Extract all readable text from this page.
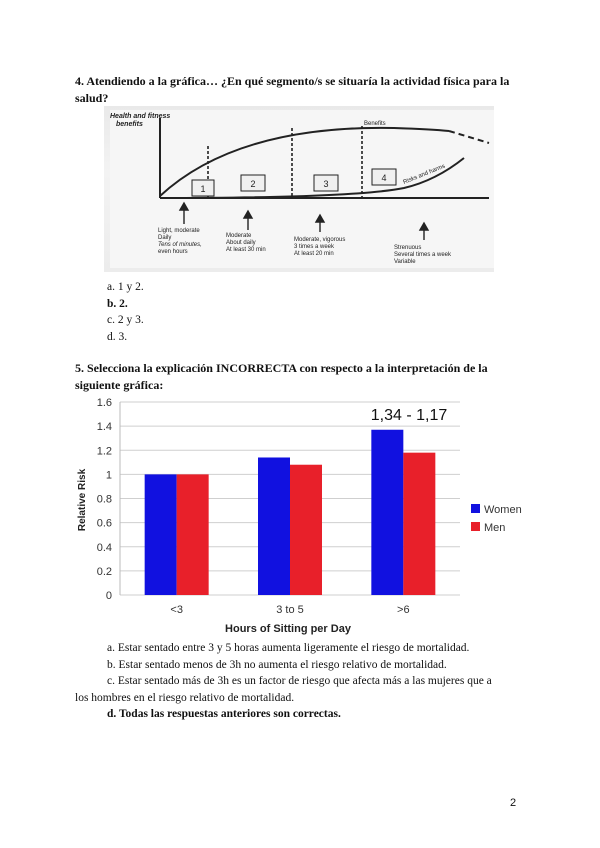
4. Atendiendo a la gráfica… ¿En qué segmento/s se situaría la actividad física para la salud?
Health and fitness
benefits	Benefits
Risks and harms
1	2	3
4
Light, moderate
Daily
Tens of minutes,
even hours
Moderate
About daily
At least 30 min
Moderate, vigorous
3 times a week
At least 20 min
Strenuous
Several times a week
Variable
a. 1 y 2.
b. 2.
c. 2 y 3.
d. 3.
5. Selecciona la explicación INCORRECTA con respecto a la interpretación de la siguiente gráfica:
0
0.2
0.4
0.6
0.8
1
1.2
1.4
1.6
<3	3 to 5	>6
Relative Risk
Hours of Sitting per Day
1,34 - 1,17
Women
Men
a. Estar sentado entre 3 y 5 horas aumenta ligeramente el riesgo de mortalidad.
b. Estar sentado menos de 3h no aumenta el riesgo relativo de mortalidad.
c. Estar sentado más de 3h es un factor de riesgo que afecta más a las mujeres que a
los hombres en el riesgo relativo de mortalidad.
d. Todas las respuestas anteriores son correctas.
2
